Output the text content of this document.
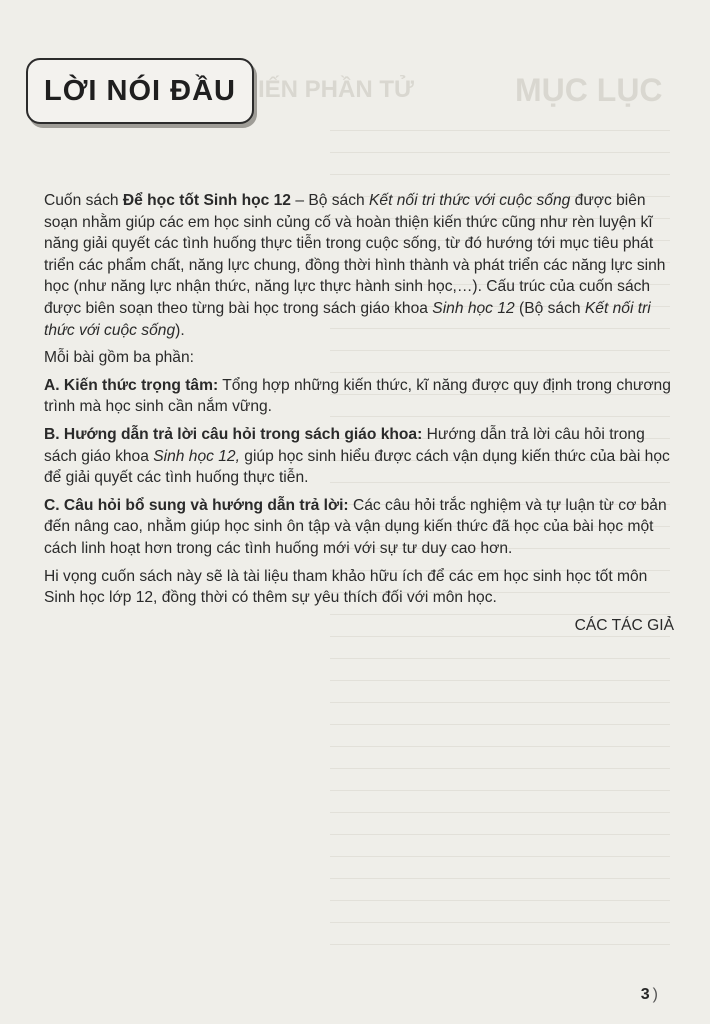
MỤC LỤC
IẾN PHẦN TỬ
LỜI NÓI ĐẦU

Cuốn sách Để học tốt Sinh học 12 – Bộ sách Kết nối tri thức với cuộc sống được biên soạn nhằm giúp các em học sinh củng cố và hoàn thiện kiến thức cũng như rèn luyện kĩ năng giải quyết các tình huống thực tiễn trong cuộc sống, từ đó hướng tới mục tiêu phát triển các phẩm chất, năng lực chung, đồng thời hình thành và phát triển các năng lực sinh học (như năng lực nhận thức, năng lực thực hành sinh học,…). Cấu trúc của cuốn sách được biên soạn theo từng bài học trong sách giáo khoa Sinh học 12 (Bộ sách Kết nối tri thức với cuộc sống).

Mỗi bài gồm ba phần:

A. Kiến thức trọng tâm: Tổng hợp những kiến thức, kĩ năng được quy định trong chương trình mà học sinh cần nắm vững.

B. Hướng dẫn trả lời câu hỏi trong sách giáo khoa: Hướng dẫn trả lời câu hỏi trong sách giáo khoa Sinh học 12, giúp học sinh hiểu được cách vận dụng kiến thức của bài học để giải quyết các tình huống thực tiễn.

C. Câu hỏi bổ sung và hướng dẫn trả lời: Các câu hỏi trắc nghiệm và tự luận từ cơ bản đến nâng cao, nhằm giúp học sinh ôn tập và vận dụng kiến thức đã học của bài học một cách linh hoạt hơn trong các tình huống mới với sự tư duy cao hơn.

Hi vọng cuốn sách này sẽ là tài liệu tham khảo hữu ích để các em học sinh học tốt môn Sinh học lớp 12, đồng thời có thêm sự yêu thích đối với môn học.

CÁC TÁC GIẢ

3 )
